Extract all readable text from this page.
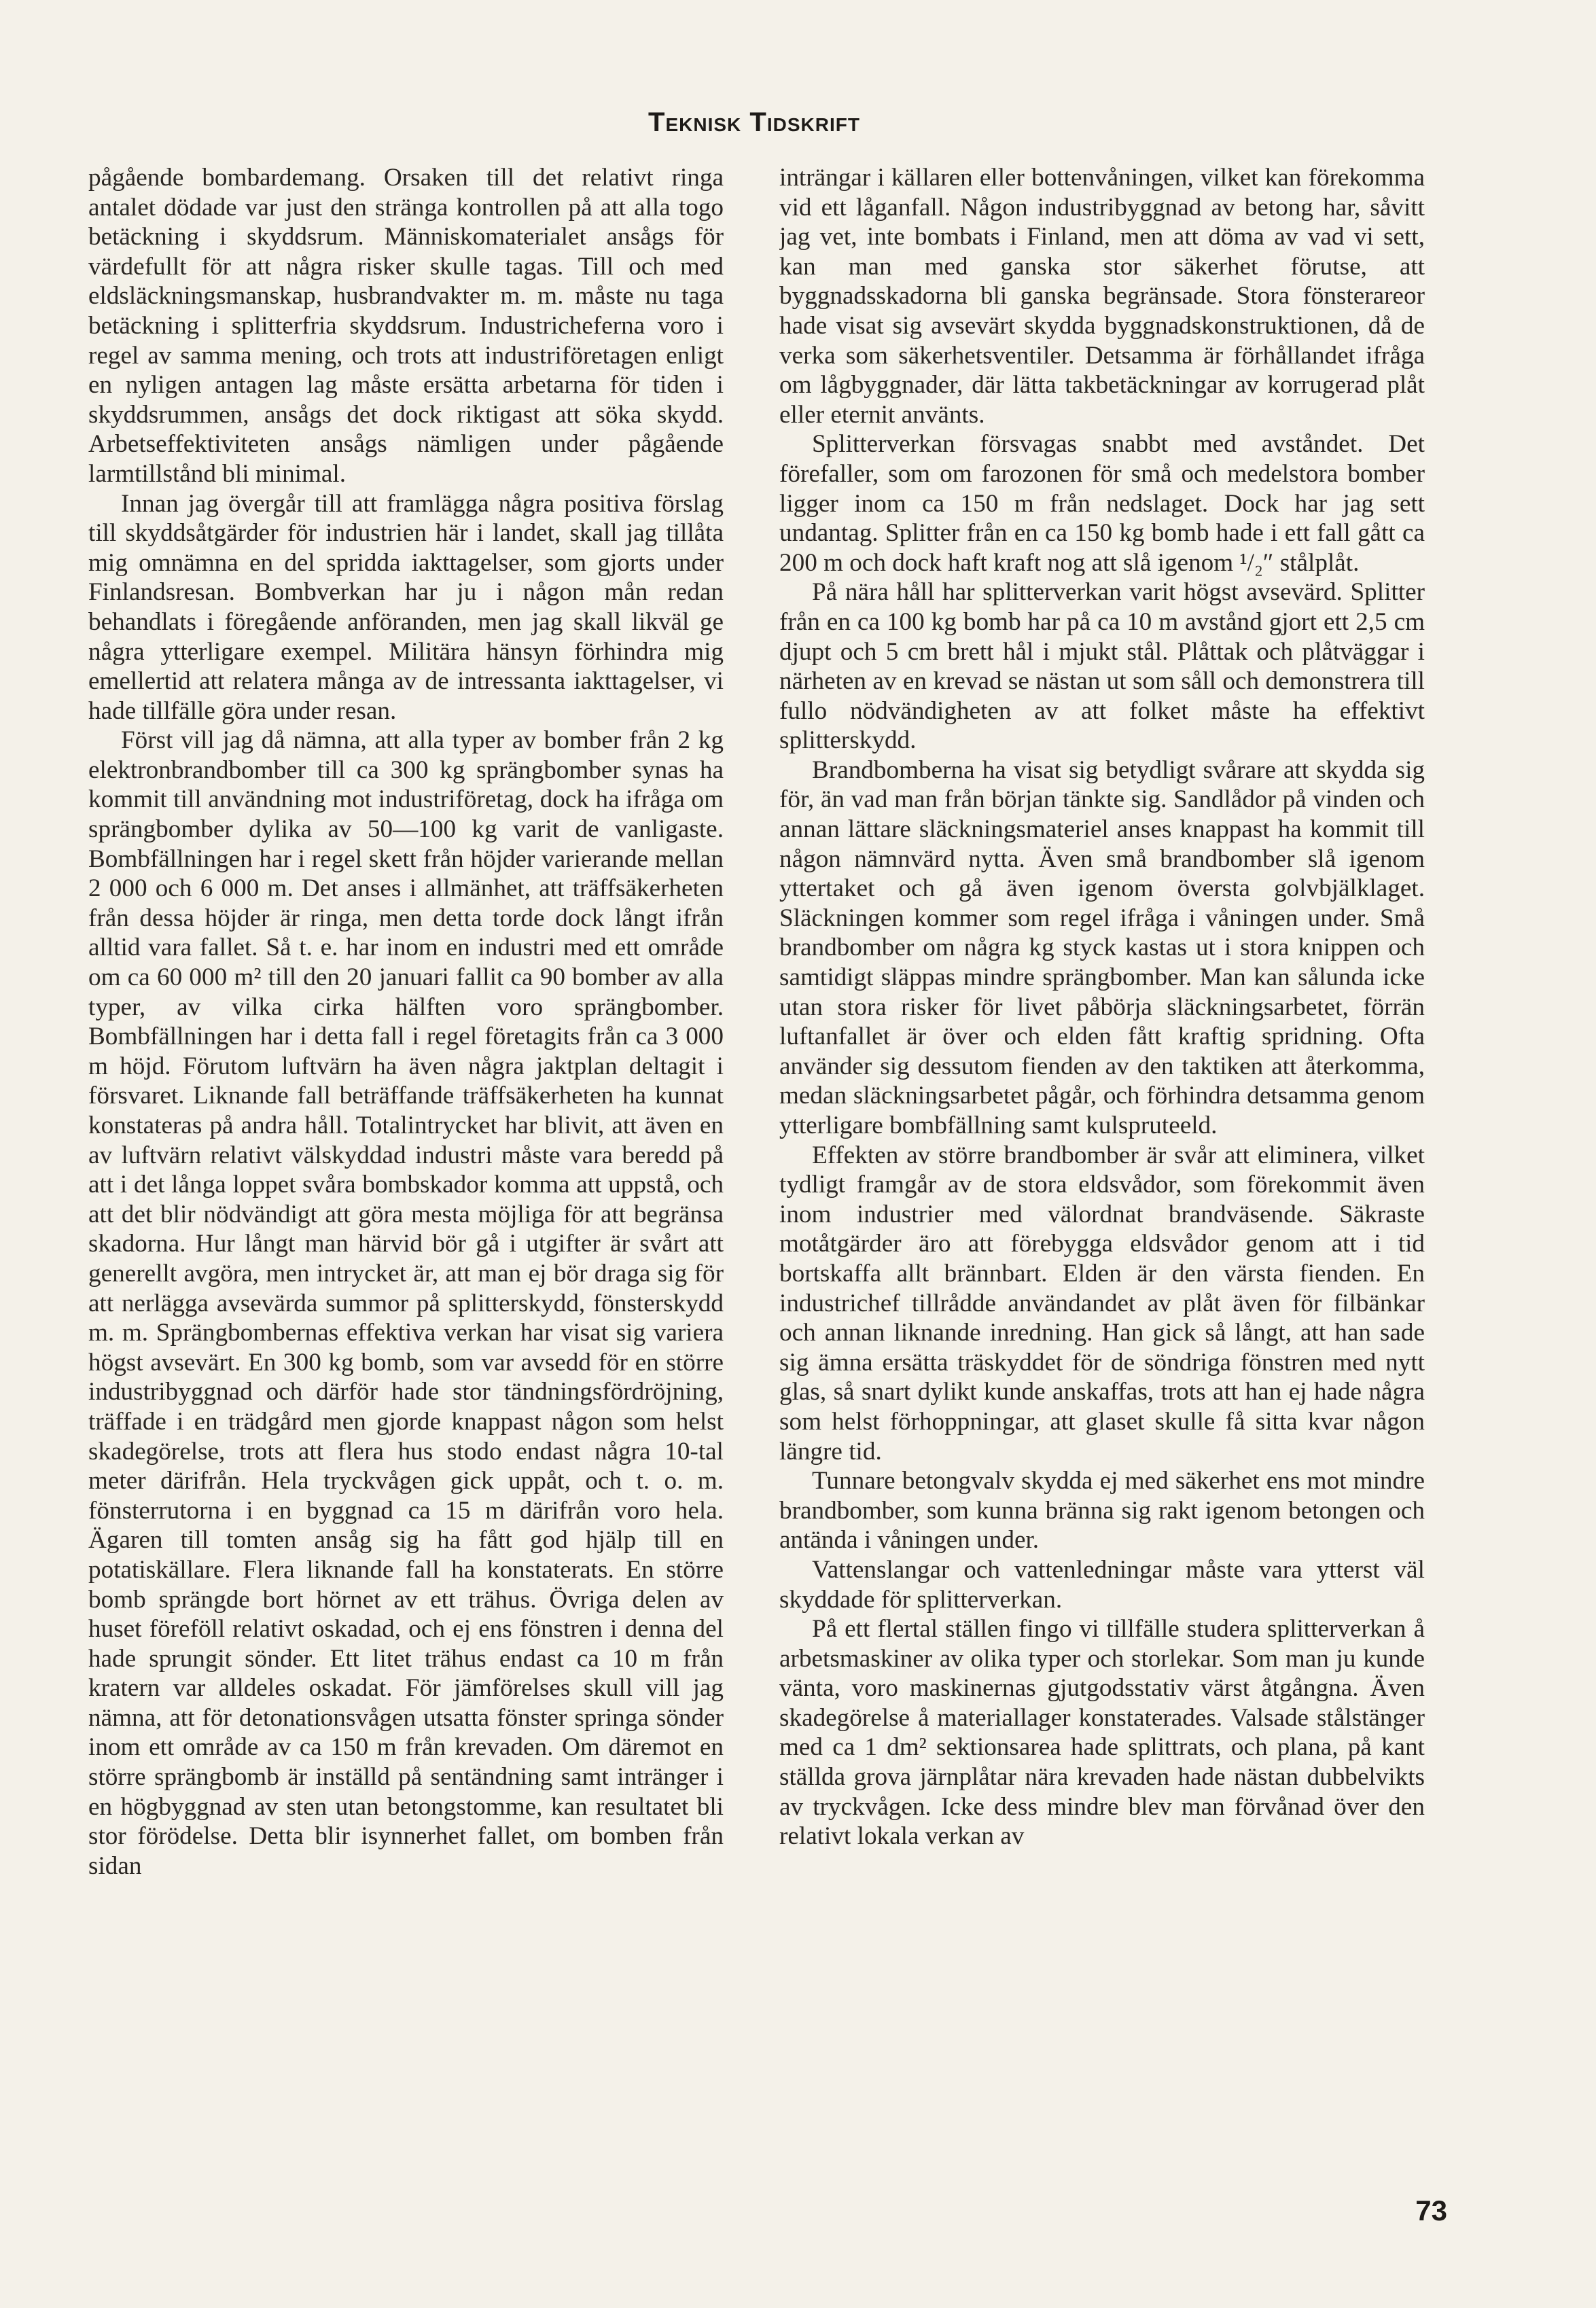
Teknisk Tidskrift

pågående bombardemang. Orsaken till det relativt ringa antalet dödade var just den stränga kontrollen på att alla togo betäckning i skyddsrum. Människomaterialet ansågs för värdefullt för att några risker skulle tagas. Till och med eldsläckningsmanskap, husbrandvakter m. m. måste nu taga betäckning i splitterfria skyddsrum. Industricheferna voro i regel av samma mening, och trots att industriföretagen enligt en nyligen antagen lag måste ersätta arbetarna för tiden i skyddsrummen, ansågs det dock riktigast att söka skydd. Arbetseffektiviteten ansågs nämligen under pågående larmtillstånd bli minimal.

Innan jag övergår till att framlägga några positiva förslag till skyddsåtgärder för industrien här i landet, skall jag tillåta mig omnämna en del spridda iakttagelser, som gjorts under Finlandsresan. Bombverkan har ju i någon mån redan behandlats i föregående anföranden, men jag skall likväl ge några ytterligare exempel. Militära hänsyn förhindra mig emellertid att relatera många av de intressanta iakttagelser, vi hade tillfälle göra under resan.

Först vill jag då nämna, att alla typer av bomber från 2 kg elektronbrandbomber till ca 300 kg sprängbomber synas ha kommit till användning mot industriföretag, dock ha ifråga om sprängbomber dylika av 50—100 kg varit de vanligaste. Bombfällningen har i regel skett från höjder varierande mellan 2 000 och 6 000 m. Det anses i allmänhet, att träffsäkerheten från dessa höjder är ringa, men detta torde dock långt ifrån alltid vara fallet. Så t. e. har inom en industri med ett område om ca 60 000 m² till den 20 januari fallit ca 90 bomber av alla typer, av vilka cirka hälften voro sprängbomber. Bombfällningen har i detta fall i regel företagits från ca 3 000 m höjd. Förutom luftvärn ha även några jaktplan deltagit i försvaret. Liknande fall beträffande träffsäkerheten ha kunnat konstateras på andra håll. Totalintrycket har blivit, att även en av luftvärn relativt välskyddad industri måste vara beredd på att i det långa loppet svåra bombskador komma att uppstå, och att det blir nödvändigt att göra mesta möjliga för att begränsa skadorna. Hur långt man härvid bör gå i utgifter är svårt att generellt avgöra, men intrycket är, att man ej bör draga sig för att nerlägga avsevärda summor på splitterskydd, fönsterskydd m. m. Sprängbombernas effektiva verkan har visat sig variera högst avsevärt. En 300 kg bomb, som var avsedd för en större industribyggnad och därför hade stor tändningsfördröjning, träffade i en trädgård men gjorde knappast någon som helst skadegörelse, trots att flera hus stodo endast några 10-tal meter därifrån. Hela tryckvågen gick uppåt, och t. o. m. fönsterrutorna i en byggnad ca 15 m därifrån voro hela. Ägaren till tomten ansåg sig ha fått god hjälp till en potatiskällare. Flera liknande fall ha konstaterats. En större bomb sprängde bort hörnet av ett trähus. Övriga delen av huset föreföll relativt oskadad, och ej ens fönstren i denna del hade sprungit sönder. Ett litet trähus endast ca 10 m från kratern var alldeles oskadat. För jämförelses skull vill jag nämna, att för detonationsvågen utsatta fönster springa sönder inom ett område av ca 150 m från krevaden. Om däremot en större sprängbomb är inställd på sentändning samt intränger i en högbyggnad av sten utan betongstomme, kan resultatet bli stor förödelse. Detta blir isynnerhet fallet, om bomben från sidan

inträngar i källaren eller bottenvåningen, vilket kan förekomma vid ett låganfall. Någon industribyggnad av betong har, såvitt jag vet, inte bombats i Finland, men att döma av vad vi sett, kan man med ganska stor säkerhet förutse, att byggnadsskadorna bli ganska begränsade. Stora fönsterareor hade visat sig avsevärt skydda byggnadskonstruktionen, då de verka som säkerhetsventiler. Detsamma är förhållandet ifråga om lågbyggnader, där lätta takbetäckningar av korrugerad plåt eller eternit använts.

Splitterverkan försvagas snabbt med avståndet. Det förefaller, som om farozonen för små och medelstora bomber ligger inom ca 150 m från nedslaget. Dock har jag sett undantag. Splitter från en ca 150 kg bomb hade i ett fall gått ca 200 m och dock haft kraft nog att slå igenom ¹/₂″ stålplåt.

På nära håll har splitterverkan varit högst avsevärd. Splitter från en ca 100 kg bomb har på ca 10 m avstånd gjort ett 2,5 cm djupt och 5 cm brett hål i mjukt stål. Plåttak och plåtväggar i närheten av en krevad se nästan ut som såll och demonstrera till fullo nödvändigheten av att folket måste ha effektivt splitterskydd.

Brandbomberna ha visat sig betydligt svårare att skydda sig för, än vad man från början tänkte sig. Sandlådor på vinden och annan lättare släckningsmateriel anses knappast ha kommit till någon nämnvärd nytta. Även små brandbomber slå igenom yttertaket och gå även igenom översta golvbjälklaget. Släckningen kommer som regel ifråga i våningen under. Små brandbomber om några kg styck kastas ut i stora knippen och samtidigt släppas mindre sprängbomber. Man kan sålunda icke utan stora risker för livet påbörja släckningsarbetet, förrän luftanfallet är över och elden fått kraftig spridning. Ofta använder sig dessutom fienden av den taktiken att återkomma, medan släckningsarbetet pågår, och förhindra detsamma genom ytterligare bombfällning samt kulspruteeld.

Effekten av större brandbomber är svår att eliminera, vilket tydligt framgår av de stora eldsvådor, som förekommit även inom industrier med välordnat brandväsende. Säkraste motåtgärder äro att förebygga eldsvådor genom att i tid bortskaffa allt brännbart. Elden är den värsta fienden. En industrichef tillrådde användandet av plåt även för filbänkar och annan liknande inredning. Han gick så långt, att han sade sig ämna ersätta träskyddet för de söndriga fönstren med nytt glas, så snart dylikt kunde anskaffas, trots att han ej hade några som helst förhoppningar, att glaset skulle få sitta kvar någon längre tid.

Tunnare betongvalv skydda ej med säkerhet ens mot mindre brandbomber, som kunna bränna sig rakt igenom betongen och antända i våningen under.

Vattenslangar och vattenledningar måste vara ytterst väl skyddade för splitterverkan.

På ett flertal ställen fingo vi tillfälle studera splitterverkan å arbetsmaskiner av olika typer och storlekar. Som man ju kunde vänta, voro maskinernas gjutgodsstativ värst åtgångna. Även skadegörelse å materiallager konstaterades. Valsade stålstänger med ca 1 dm² sektionsarea hade splittrats, och plana, på kant ställda grova järnplåtar nära krevaden hade nästan dubbelvikts av tryckvågen. Icke dess mindre blev man förvånad över den relativt lokala verkan av

73
